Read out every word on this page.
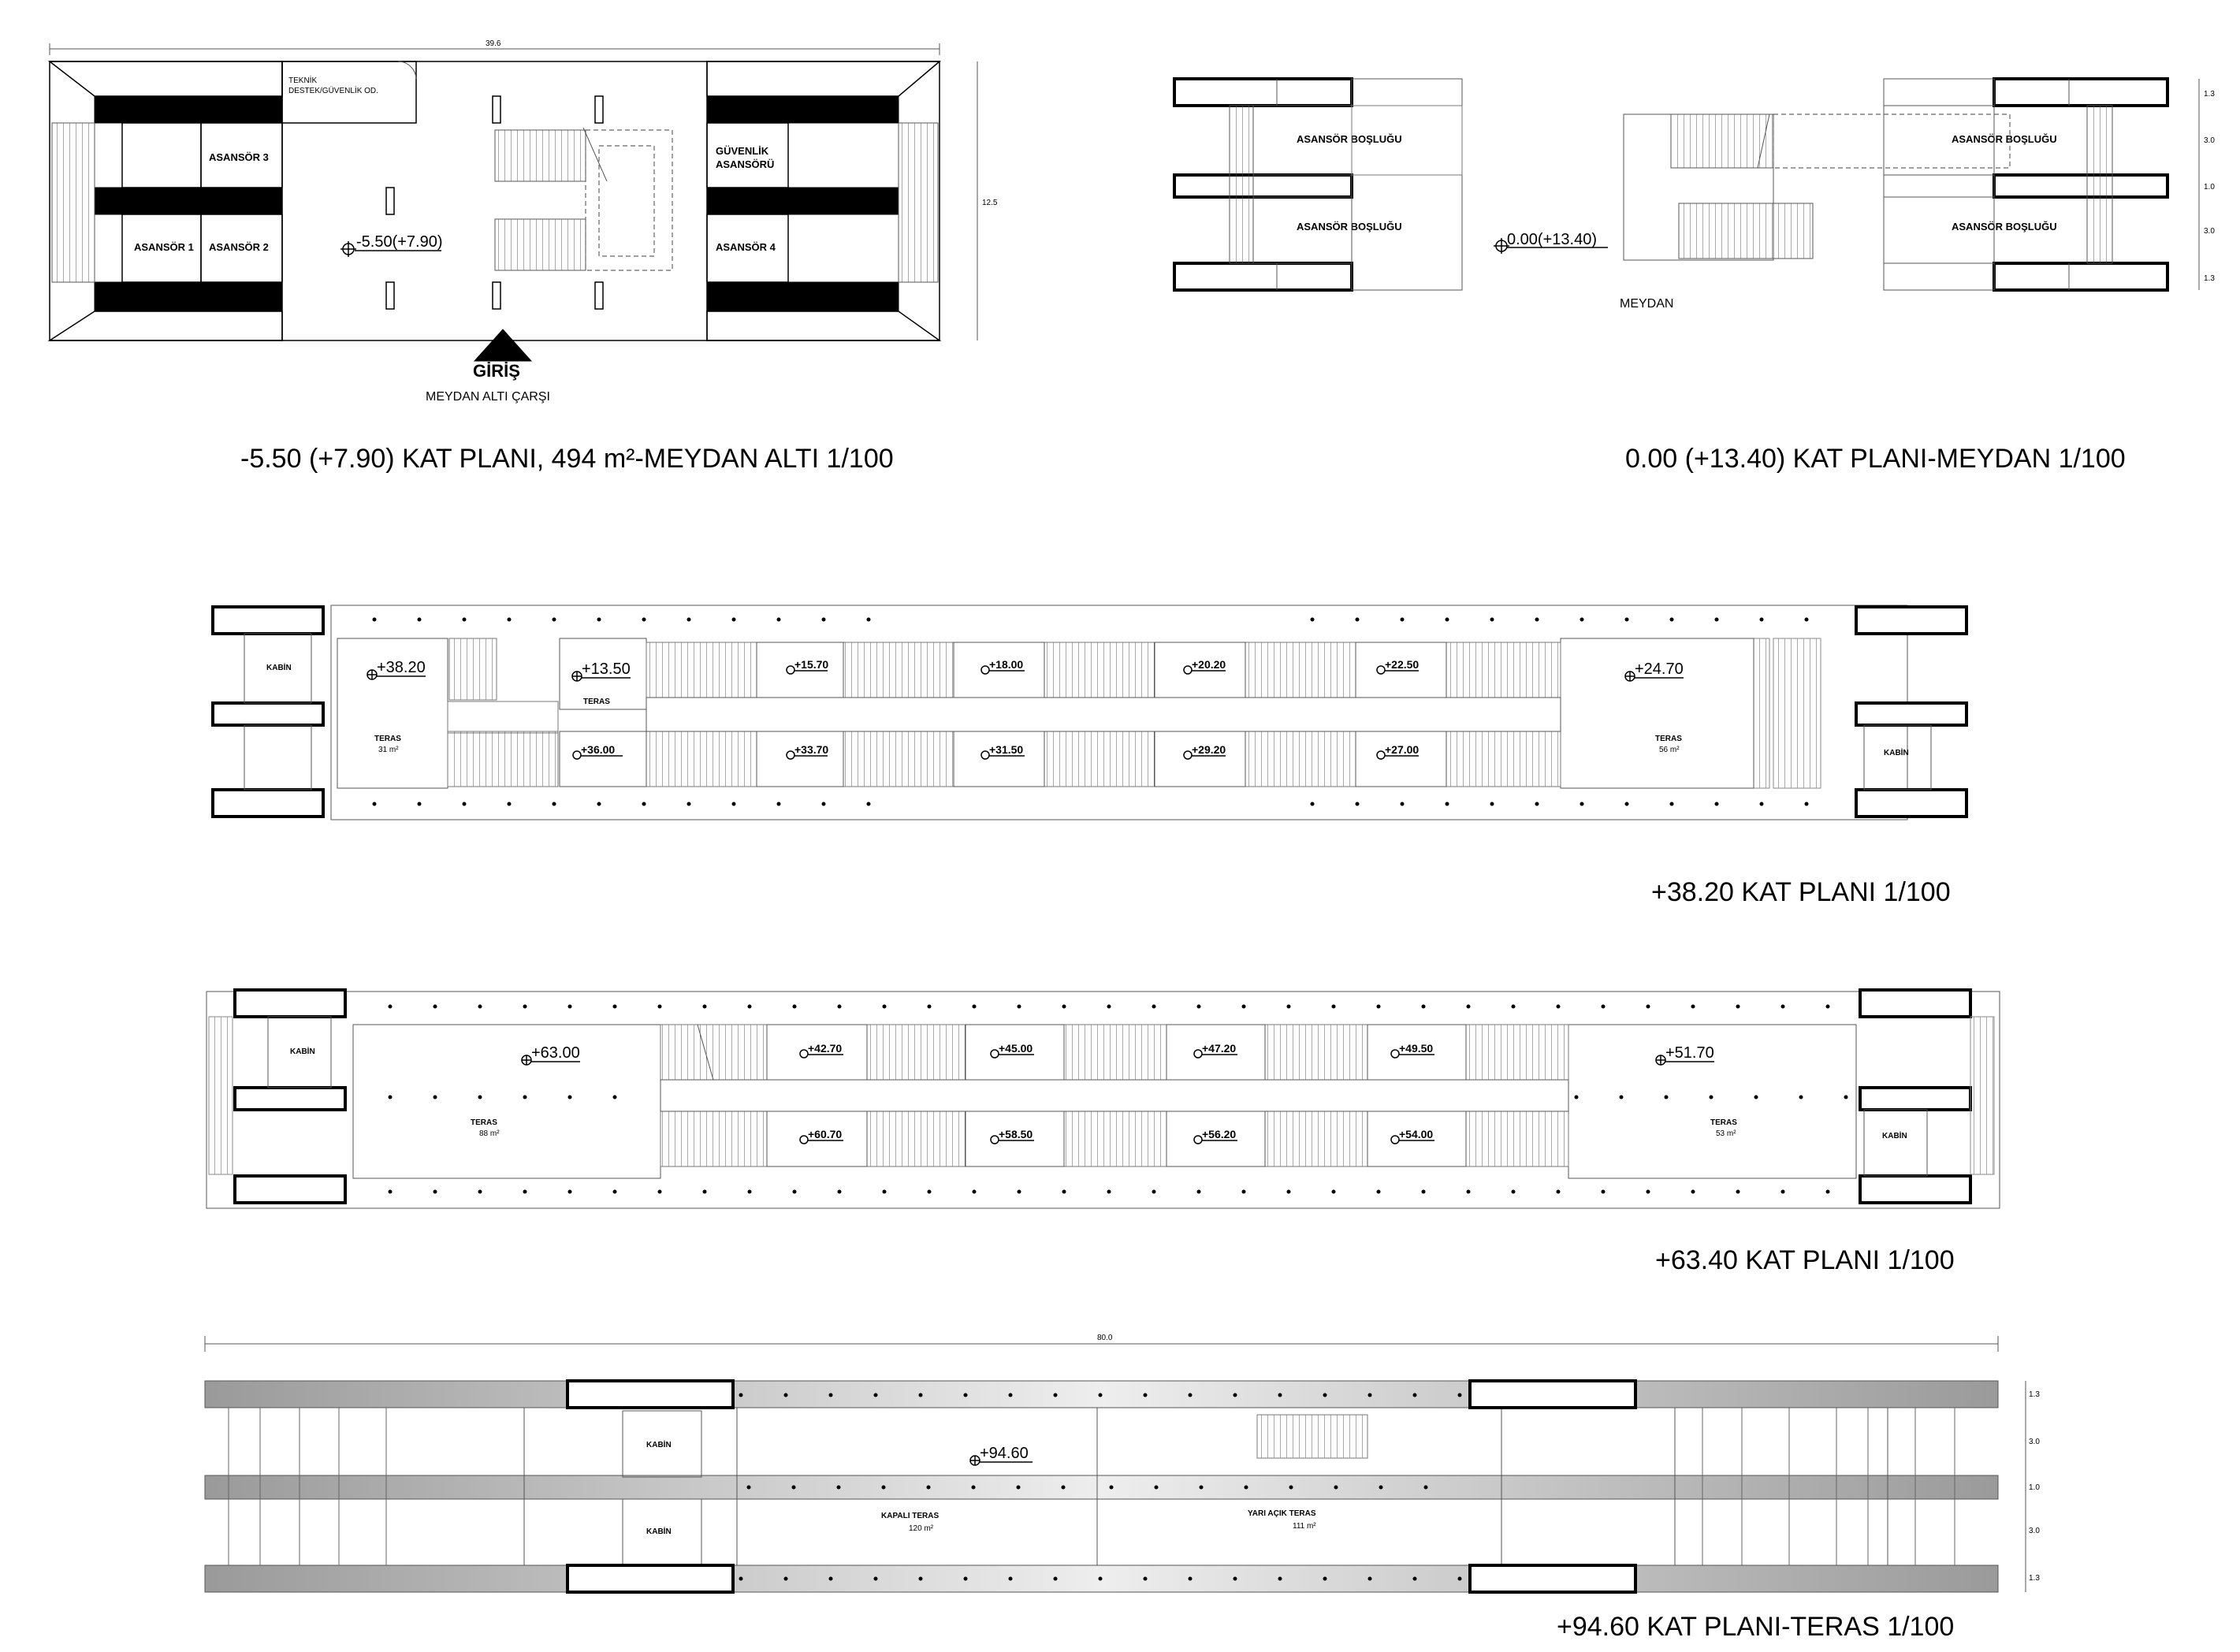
39.6
12.5
ASANSÖR 3
ASANSÖR 1 ASANSÖR 2
TEKNİK
DESTEK/GÜVENLİK OD.
-5.50(+7.90)
GÜVENLİK
ASANSÖRÜ
ASANSÖR 4
GİRİŞ
MEYDAN ALTI ÇARŞI
-5.50 (+7.90) KAT PLANI, 494 m²-MEYDAN ALTI 1/100
ASANSÖR BOŞLUĞU
ASANSÖR BOŞLUĞU
ASANSÖR BOŞLUĞU
ASANSÖR BOŞLUĞU
0.00(+13.40)
MEYDAN
1.3
3.0
1.0
3.0
1.3
0.00 (+13.40) KAT PLANI-MEYDAN 1/100
KABİN
KABİN
TERAS
31 m²
TERAS
TERAS
56 m²
+38.20	+13.50	+15.70	+18.00	+20.20	+22.50	+24.70
+36.00	+33.70	+31.50	+29.20	+27.00
+38.20 KAT PLANI 1/100
KABİN
KABİN
TERAS
88 m²
TERAS
53 m²
+63.00	+42.70	+45.00	+47.20	+49.50	+51.70
+60.70	+58.50	+56.20	+54.00
+63.40 KAT PLANI 1/100
80.0
KABİN
KABİN
+94.60
KAPALI TERAS
120 m²
YARI AÇIK TERAS
111 m²
1.3
3.0
1.0
3.0
1.3
+94.60 KAT PLANI-TERAS 1/100
